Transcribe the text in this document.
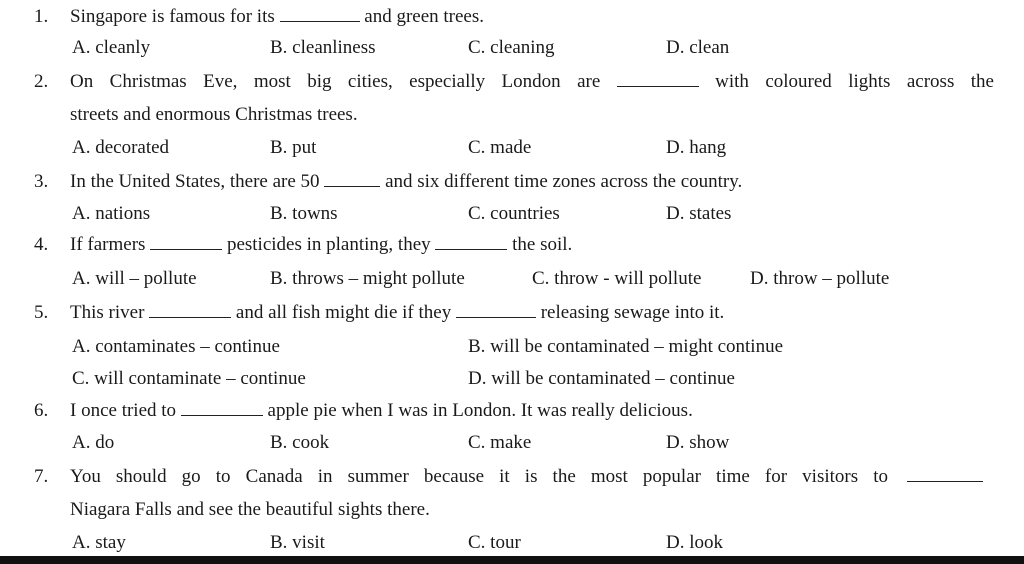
1.	Singapore is famous for its	and green trees.
A. cleanly	B. cleanliness	C. cleaning	D. clean
2.	On Christmas Eve, most big cities, especially London are	with coloured lights across the
streets and enormous Christmas trees.
A. decorated	B. put	C. made	D. hang
3.	In the United States, there are 50	and six different time zones across the country.
A. nations	B. towns	C. countries	D. states
4.	If farmers	pesticides in planting, they	the soil.
A. will – pollute	B. throws – might pollute	C. throw - will pollute	D. throw – pollute
5.	This river	and all fish might die if they	releasing sewage into it.
A. contaminates – continue	B. will be contaminated – might continue
C. will contaminate – continue	D. will be contaminated – continue
6.	I once tried to	apple pie when I was in London. It was really delicious.
A. do	B. cook	C. make	D. show
7.	You should go to Canada in summer because it is the most popular time for visitors to
Niagara Falls and see the beautiful sights there.
A. stay	B. visit	C. tour	D. look
